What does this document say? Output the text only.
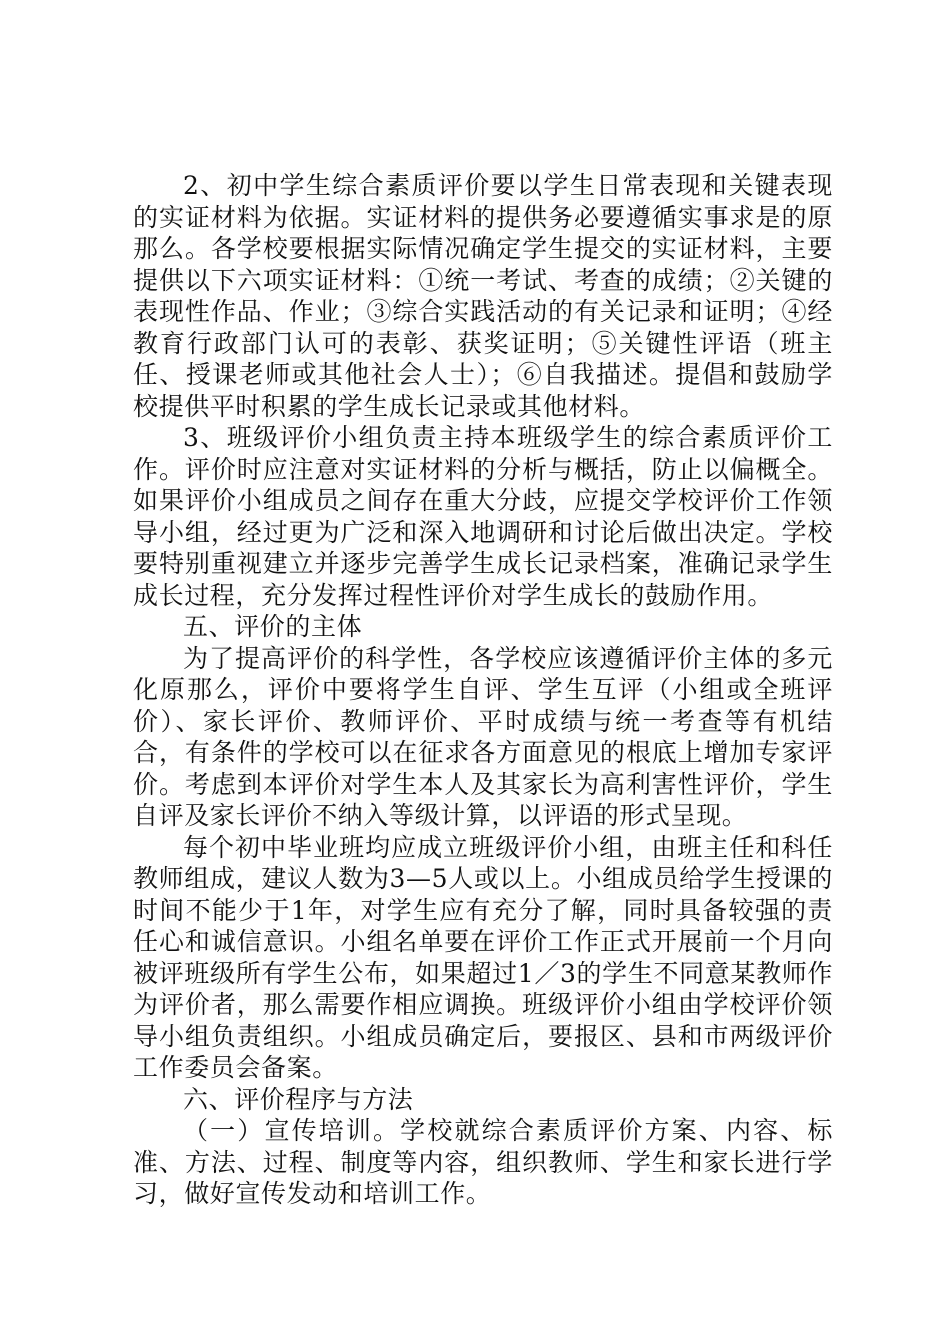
2、初中学生综合素质评价要以学生日常表现和关键表现的实证材料为依据。实证材料的提供务必要遵循实事求是的原那么。各学校要根据实际情况确定学生提交的实证材料，主要提供以下六项实证材料：①统一考试、考查的成绩；②关键的表现性作品、作业；③综合实践活动的有关记录和证明；④经教育行政部门认可的表彰、获奖证明；⑤关键性评语（班主任、授课老师或其他社会人士）；⑥自我描述。提倡和鼓励学校提供平时积累的学生成长记录或其他材料。

3、班级评价小组负责主持本班级学生的综合素质评价工作。评价时应注意对实证材料的分析与概括，防止以偏概全。如果评价小组成员之间存在重大分歧，应提交学校评价工作领导小组，经过更为广泛和深入地调研和讨论后做出决定。学校要特别重视建立并逐步完善学生成长记录档案，准确记录学生成长过程，充分发挥过程性评价对学生成长的鼓励作用。

五、评价的主体

为了提高评价的科学性，各学校应该遵循评价主体的多元化原那么，评价中要将学生自评、学生互评（小组或全班评价）、家长评价、教师评价、平时成绩与统一考查等有机结合，有条件的学校可以在征求各方面意见的根底上增加专家评价。考虑到本评价对学生本人及其家长为高利害性评价，学生自评及家长评价不纳入等级计算，以评语的形式呈现。

每个初中毕业班均应成立班级评价小组，由班主任和科任教师组成，建议人数为3—5人或以上。小组成员给学生授课的时间不能少于1年，对学生应有充分了解，同时具备较强的责任心和诚信意识。小组名单要在评价工作正式开展前一个月向被评班级所有学生公布，如果超过1／3的学生不同意某教师作为评价者，那么需要作相应调换。班级评价小组由学校评价领导小组负责组织。小组成员确定后，要报区、县和市两级评价工作委员会备案。

六、评价程序与方法

（一）宣传培训。学校就综合素质评价方案、内容、标准、方法、过程、制度等内容，组织教师、学生和家长进行学习，做好宣传发动和培训工作。
